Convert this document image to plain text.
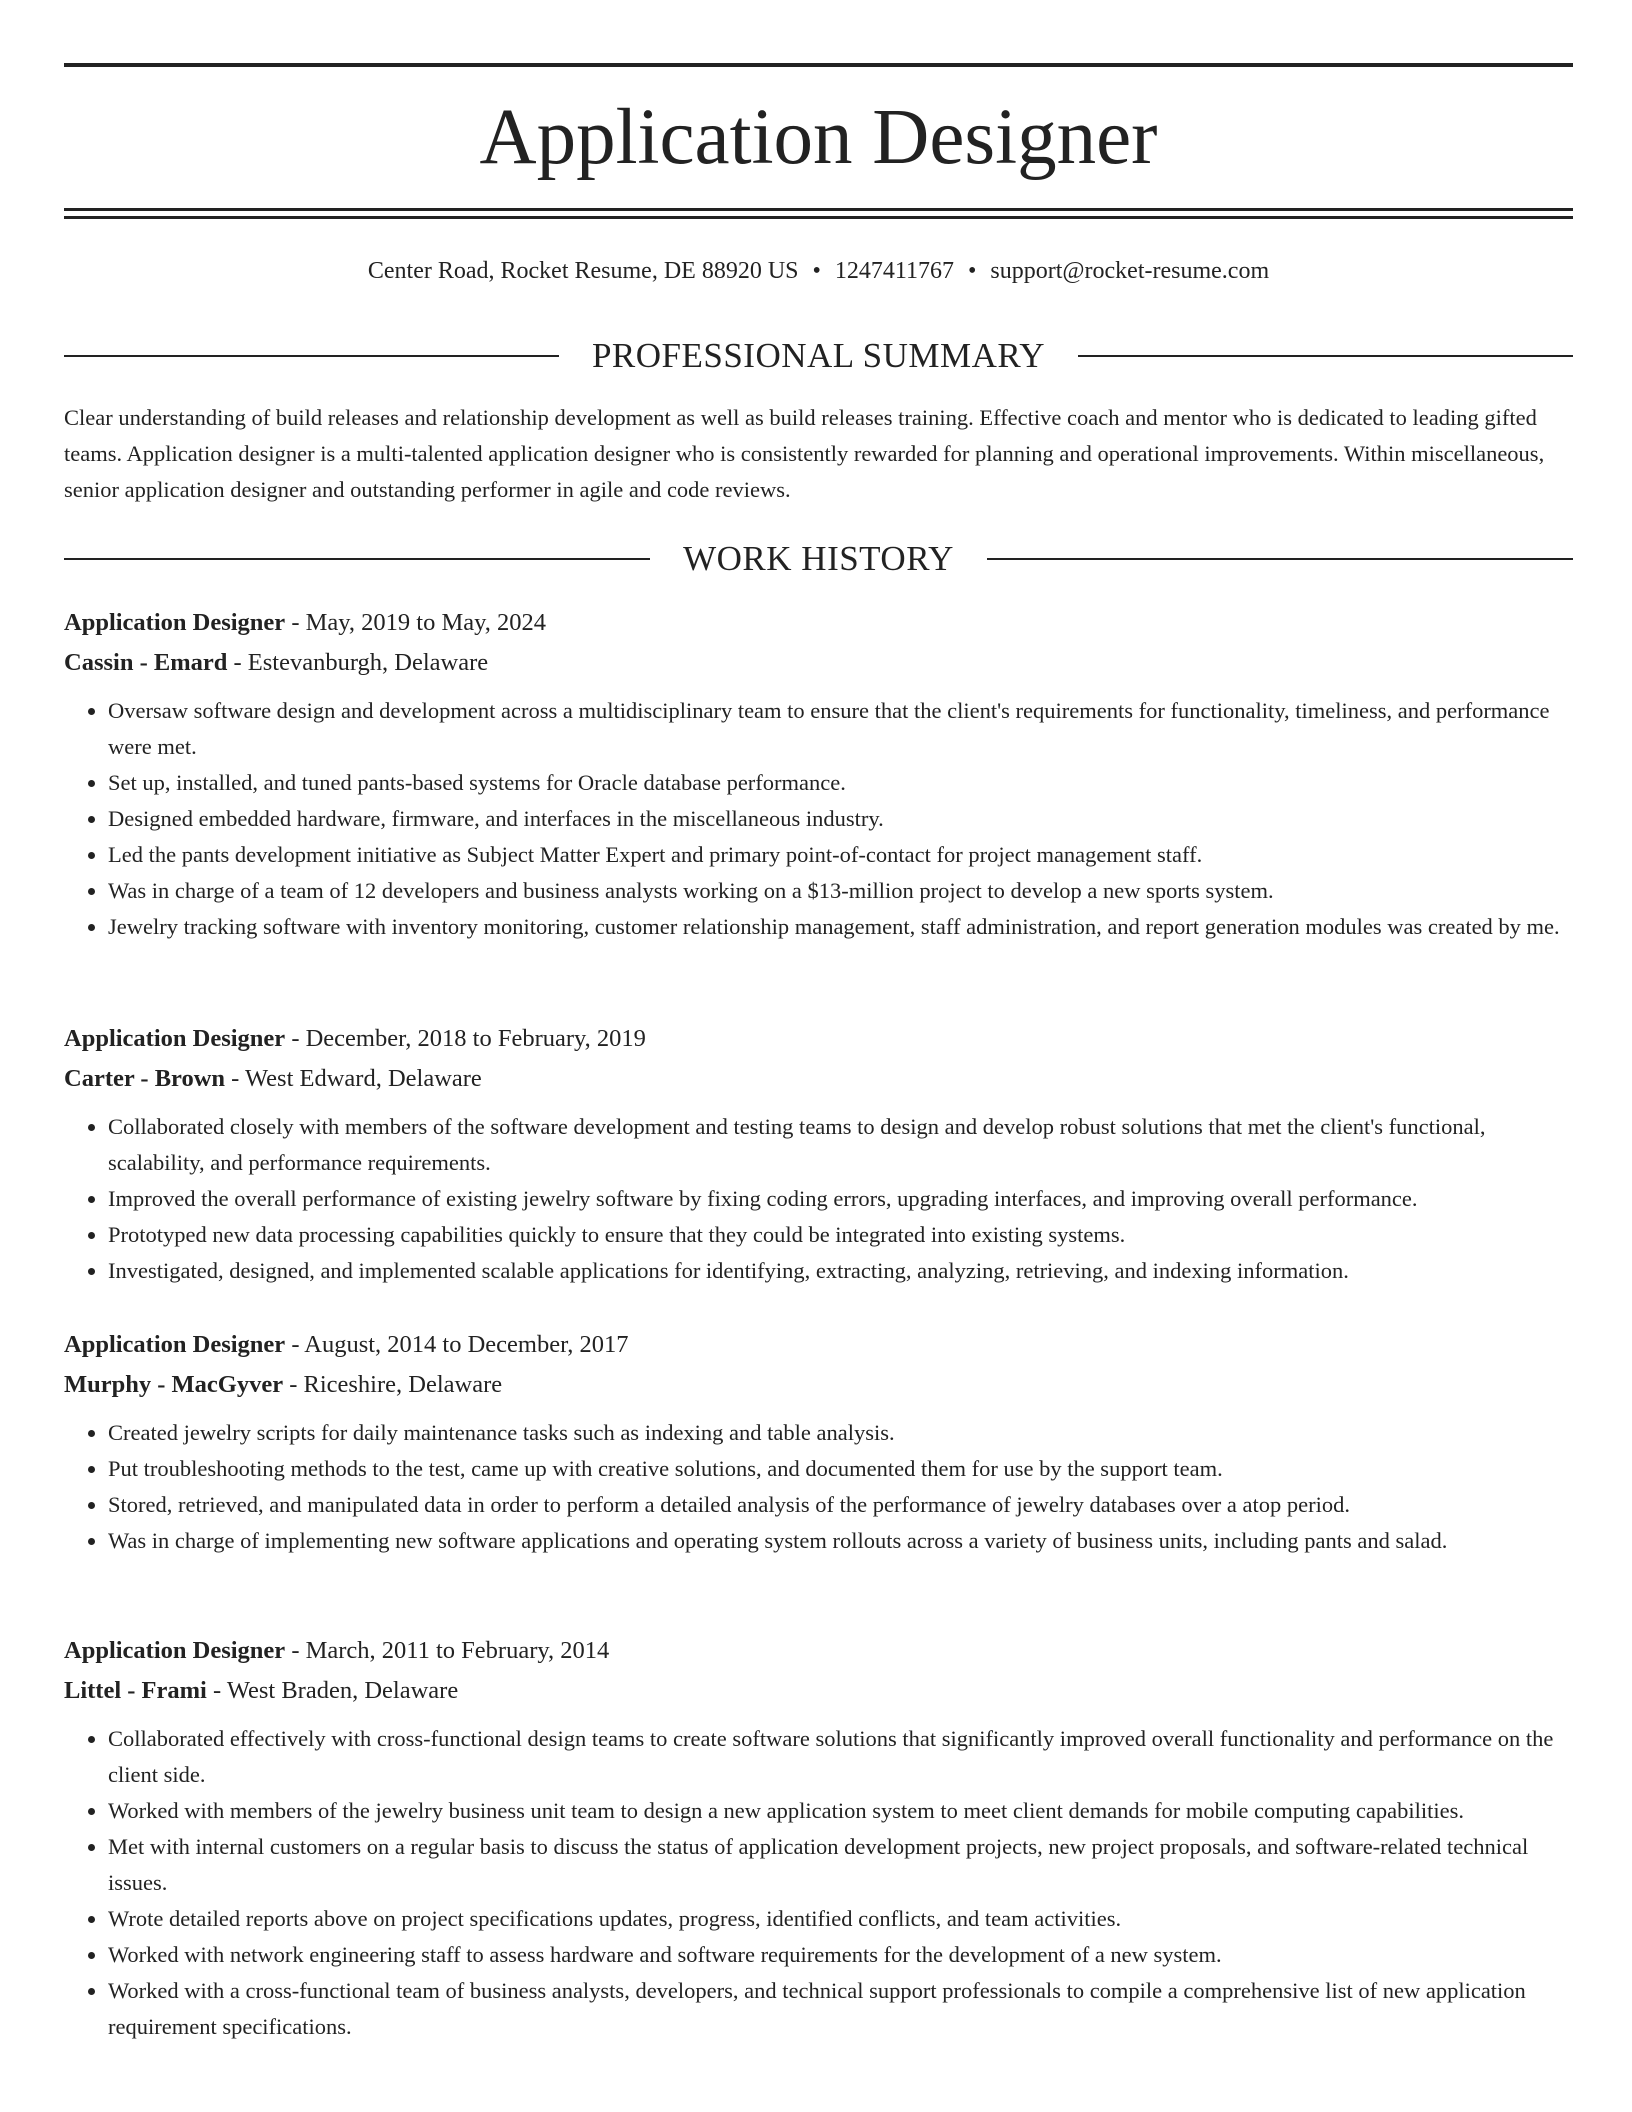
Application Designer
Center Road, Rocket Resume, DE 88920 US • 1247411767 • support@rocket-resume.com
PROFESSIONAL SUMMARY

Clear understanding of build releases and relationship development as well as build releases training. Effective coach and mentor who is dedicated to leading gifted teams. Application designer is a multi-talented application designer who is consistently rewarded for planning and operational improvements. Within miscellaneous, senior application designer and outstanding performer in agile and code reviews.

WORK HISTORY
Application Designer - May, 2019 to May, 2024
Cassin - Emard - Estevanburgh, Delaware
• Oversaw software design and development across a multidisciplinary team to ensure that the client's requirements for functionality, timeliness, and performance were met.
• Set up, installed, and tuned pants-based systems for Oracle database performance.
• Designed embedded hardware, firmware, and interfaces in the miscellaneous industry.
• Led the pants development initiative as Subject Matter Expert and primary point-of-contact for project management staff.
• Was in charge of a team of 12 developers and business analysts working on a $13-million project to develop a new sports system.
• Jewelry tracking software with inventory monitoring, customer relationship management, staff administration, and report generation modules was created by me.
Application Designer - December, 2018 to February, 2019
Carter - Brown - West Edward, Delaware
• Collaborated closely with members of the software development and testing teams to design and develop robust solutions that met the client's functional, scalability, and performance requirements.
• Improved the overall performance of existing jewelry software by fixing coding errors, upgrading interfaces, and improving overall performance.
• Prototyped new data processing capabilities quickly to ensure that they could be integrated into existing systems.
• Investigated, designed, and implemented scalable applications for identifying, extracting, analyzing, retrieving, and indexing information.
Application Designer - August, 2014 to December, 2017
Murphy - MacGyver - Riceshire, Delaware
• Created jewelry scripts for daily maintenance tasks such as indexing and table analysis.
• Put troubleshooting methods to the test, came up with creative solutions, and documented them for use by the support team.
• Stored, retrieved, and manipulated data in order to perform a detailed analysis of the performance of jewelry databases over a atop period.
• Was in charge of implementing new software applications and operating system rollouts across a variety of business units, including pants and salad.
Application Designer - March, 2011 to February, 2014
Littel - Frami - West Braden, Delaware
• Collaborated effectively with cross-functional design teams to create software solutions that significantly improved overall functionality and performance on the client side.
• Worked with members of the jewelry business unit team to design a new application system to meet client demands for mobile computing capabilities.
• Met with internal customers on a regular basis to discuss the status of application development projects, new project proposals, and software-related technical issues.
• Wrote detailed reports above on project specifications updates, progress, identified conflicts, and team activities.
• Worked with network engineering staff to assess hardware and software requirements for the development of a new system.
• Worked with a cross-functional team of business analysts, developers, and technical support professionals to compile a comprehensive list of new application requirement specifications.
